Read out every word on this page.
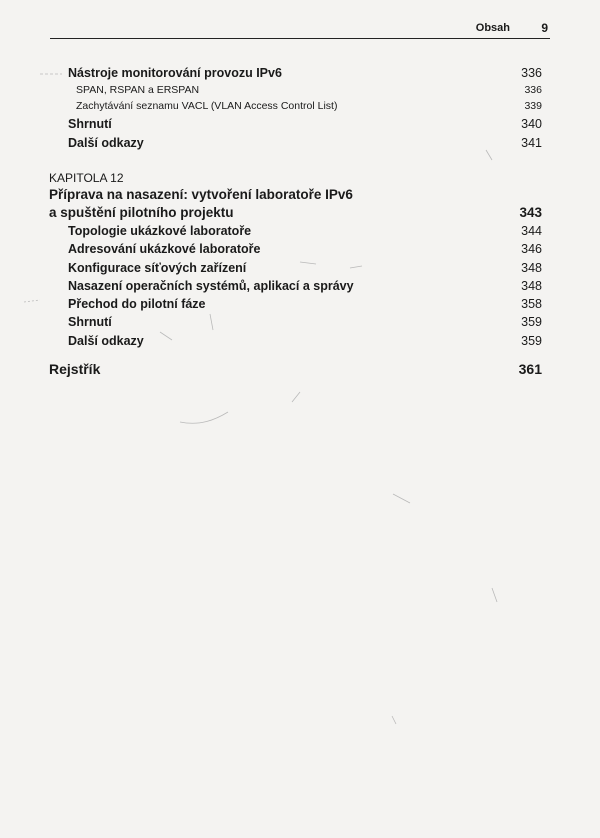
Obsah	9
Nástroje monitorování provozu IPv6	336
SPAN, RSPAN a ERSPAN	336
Zachytávání seznamu VACL (VLAN Access Control List)	339
Shrnutí	340
Další odkazy	341
KAPITOLA 12
Příprava na nasazení: vytvoření laboratoře IPv6
a spuštění pilotního projektu	343
Topologie ukázkové laboratoře	344
Adresování ukázkové laboratoře	346
Konfigurace síťových zařízení	348
Nasazení operačních systémů, aplikací a správy	348
Přechod do pilotní fáze	358
Shrnutí	359
Další odkazy	359
Rejstřík	361
